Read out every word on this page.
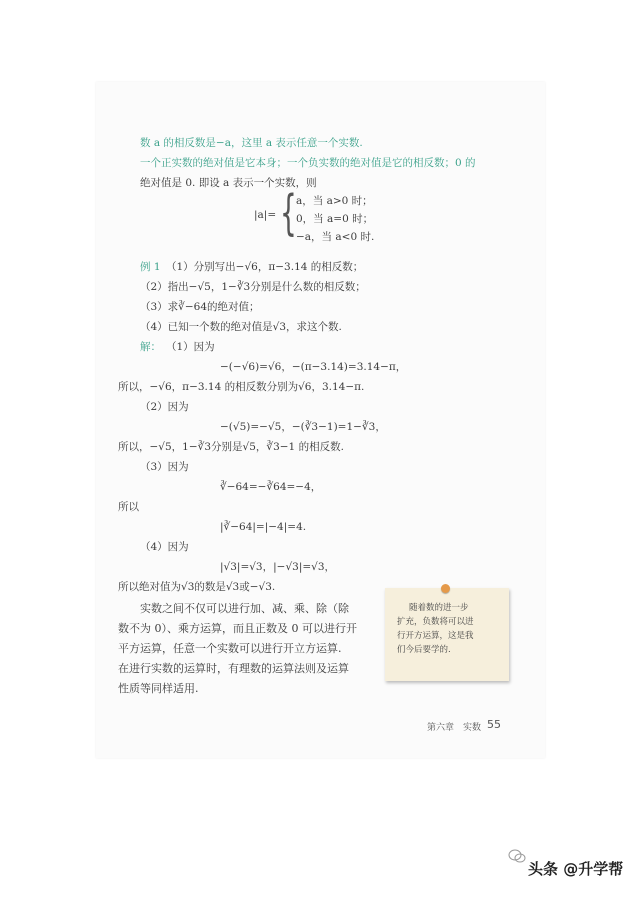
数 a 的相反数是−a，这里 a 表示任意一个实数.
一个正实数的绝对值是它本身；一个负实数的绝对值是它的相反数；0 的
绝对值是 0. 即设 a 表示一个实数，则
|a|= { a，当 a>0 时；
0，当 a=0 时；
−a，当 a<0 时.
例 1 （1）分别写出−√6，π−3.14 的相反数；
（2）指出−√5，1−∛3分别是什么数的相反数；
（3）求∛−64的绝对值；
（4）已知一个数的绝对值是√3，求这个数.
解： （1）因为
−(−√6)=√6，−(π−3.14)=3.14−π，
所以，−√6，π−3.14 的相反数分别为√6，3.14−π.
（2）因为
−(√5)=−√5，−(∛3−1)=1−∛3，
所以，−√5，1−∛3分别是√5，∛3−1 的相反数.
（3）因为
∛−64=−∛64=−4，
所以
|∛−64|=|−4|=4.
（4）因为
|√3|=√3，|−√3|=√3，
所以绝对值为√3的数是√3或−√3.
实数之间不仅可以进行加、减、乘、除（除
数不为 0）、乘方运算，而且正数及 0 可以进行开
平方运算，任意一个实数可以进行开立方运算.
在进行实数的运算时，有理数的运算法则及运算
性质等同样适用.
第六章　实数 55
随着数的进一步
扩充，负数将可以进
行开方运算，这是我
们今后要学的.
头条 @升学帮
